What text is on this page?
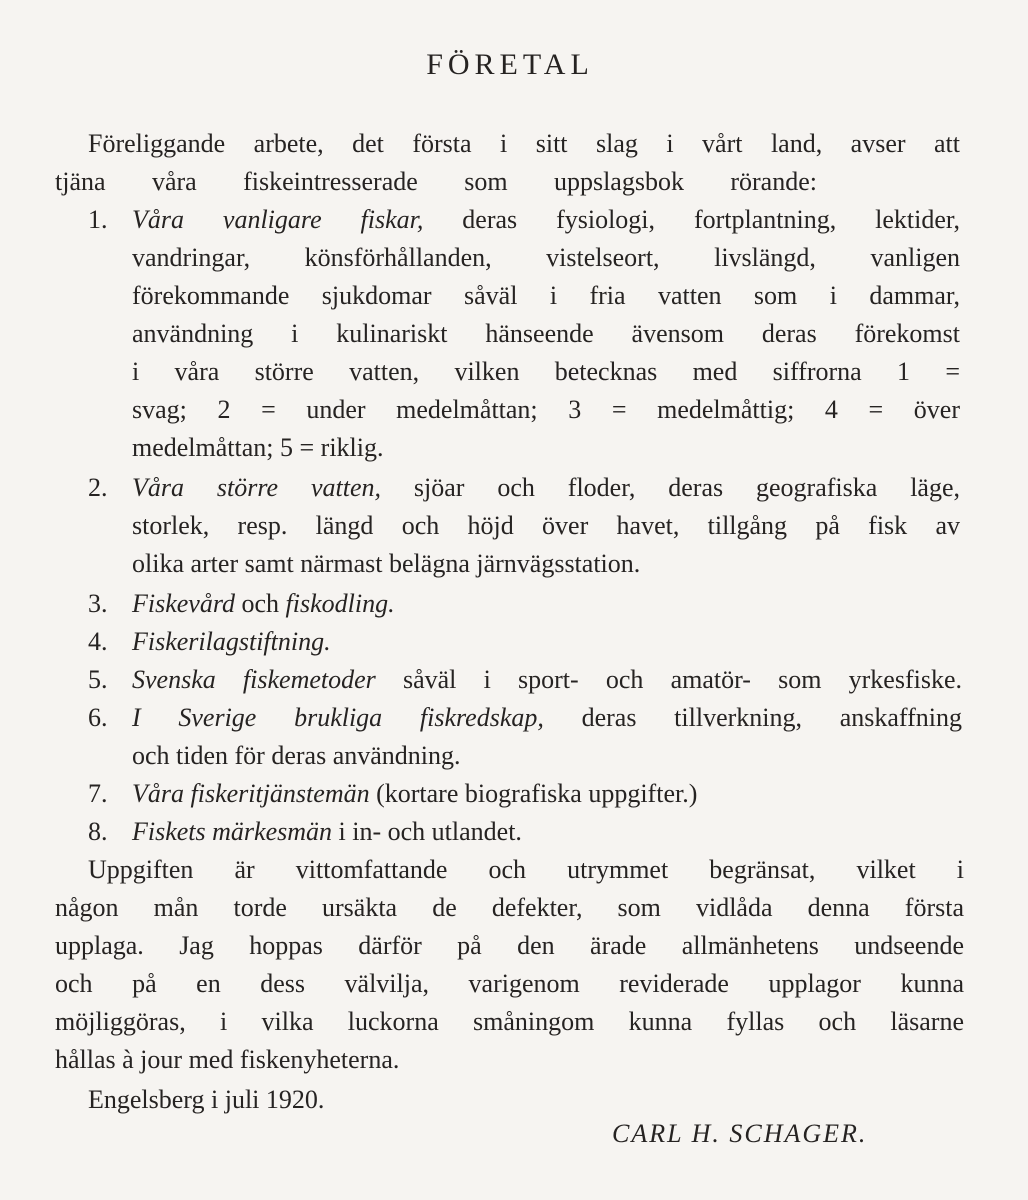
FÖRETAL
Föreliggande arbete, det första i sitt slag i vårt land, avser att
tjäna våra fiskeintresserade som uppslagsbok rörande:
1. Våra vanligare fiskar, deras fysiologi, fortplantning, lektider,
vandringar, könsförhållanden, vistelseort, livslängd, vanligen
förekommande sjukdomar såväl i fria vatten som i dammar,
användning i kulinariskt hänseende ävensom deras förekomst
i våra större vatten, vilken betecknas med siffrorna 1 =
svag; 2 = under medelmåttan; 3 = medelmåttig; 4 = över
medelmåttan; 5 = riklig.
2. Våra större vatten, sjöar och floder, deras geografiska läge,
storlek, resp. längd och höjd över havet, tillgång på fisk av
olika arter samt närmast belägna järnvägsstation.
3. Fiskevård och fiskodling.
4. Fiskerilagstiftning.
5. Svenska fiskemetoder såväl i sport- och amatör- som yrkesfiske.
6. I Sverige brukliga fiskredskap, deras tillverkning, anskaffning
och tiden för deras användning.
7. Våra fiskeritjänstemän (kortare biografiska uppgifter.)
8. Fiskets märkesmän i in- och utlandet.
Uppgiften är vittomfattande och utrymmet begränsat, vilket i
någon mån torde ursäkta de defekter, som vidlåda denna första
upplaga. Jag hoppas därför på den ärade allmänhetens undseende
och på en dess välvilja, varigenom reviderade upplagor kunna
möjliggöras, i vilka luckorna småningom kunna fyllas och läsarne
hållas à jour med fiskenyheterna.
Engelsberg i juli 1920.
CARL H. SCHAGER.
